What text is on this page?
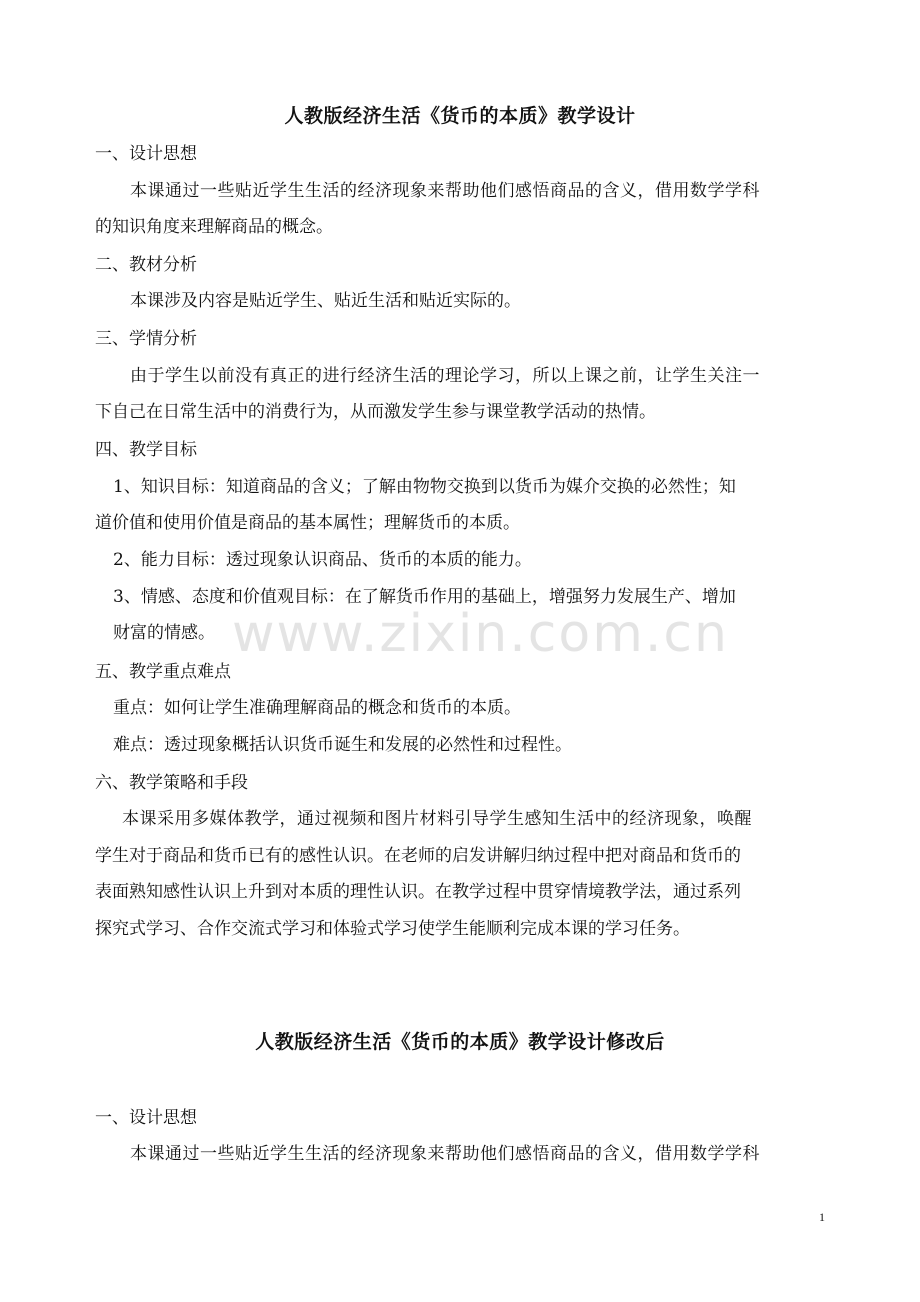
人教版经济生活《货币的本质》教学设计
一、设计思想
本课通过一些贴近学生生活的经济现象来帮助他们感悟商品的含义，借用数学学科
的知识角度来理解商品的概念。
二、教材分析
本课涉及内容是贴近学生、贴近生活和贴近实际的。
三、学情分析
由于学生以前没有真正的进行经济生活的理论学习，所以上课之前，让学生关注一
下自己在日常生活中的消费行为，从而激发学生参与课堂教学活动的热情。
四、教学目标
1、知识目标：知道商品的含义；了解由物物交换到以货币为媒介交换的必然性；知
道价值和使用价值是商品的基本属性；理解货币的本质。
2、能力目标：透过现象认识商品、货币的本质的能力。
3、情感、态度和价值观目标：在了解货币作用的基础上，增强努力发展生产、增加
财富的情感。
五、教学重点难点
重点：如何让学生准确理解商品的概念和货币的本质。
难点：透过现象概括认识货币诞生和发展的必然性和过程性。
六、教学策略和手段
本课采用多媒体教学，通过视频和图片材料引导学生感知生活中的经济现象，唤醒
学生对于商品和货币已有的感性认识。在老师的启发讲解归纳过程中把对商品和货币的
表面熟知感性认识上升到对本质的理性认识。在教学过程中贯穿情境教学法，通过系列
探究式学习、合作交流式学习和体验式学习使学生能顺利完成本课的学习任务。
人教版经济生活《货币的本质》教学设计修改后
一、设计思想
本课通过一些贴近学生生活的经济现象来帮助他们感悟商品的含义，借用数学学科
www.zixin.com.cn
1
